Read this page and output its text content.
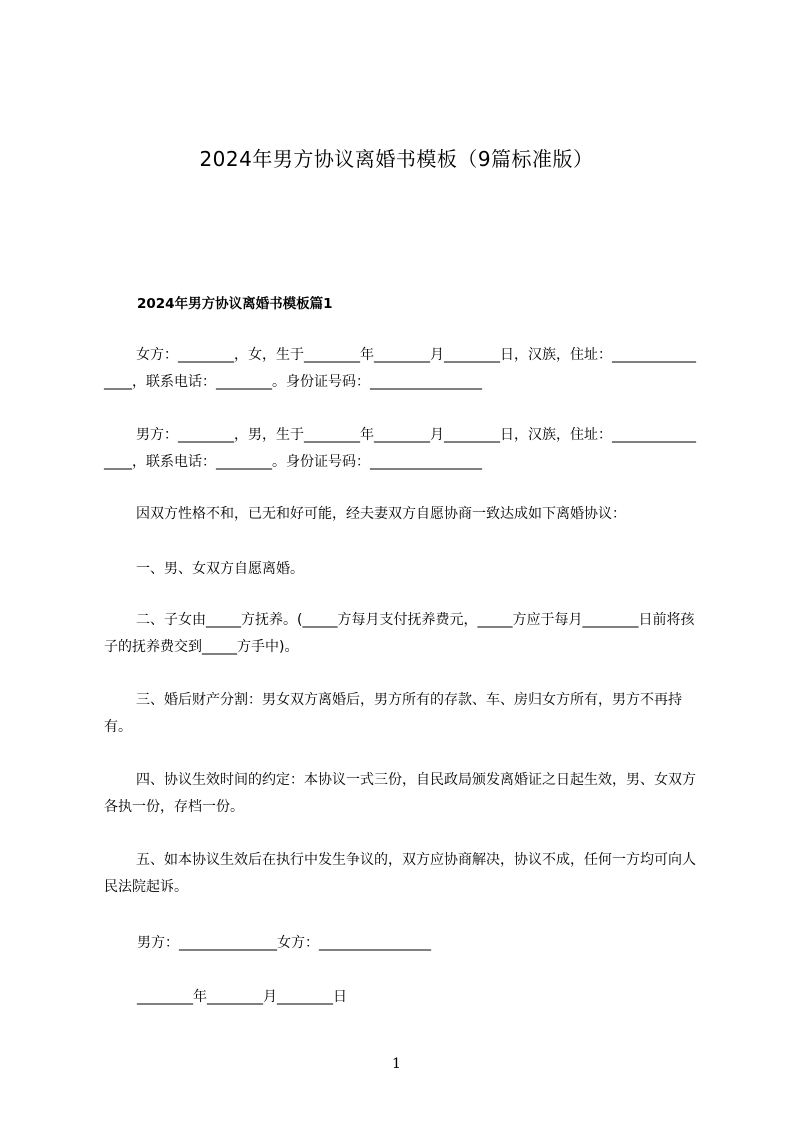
2024年男方协议离婚书模板（9篇标准版）
2024年男方协议离婚书模板篇1
女方：________，女，生于________年________月________日，汉族，住址：________________，联系电话：________。身份证号码：________________
男方：________，男，生于________年________月________日，汉族，住址：________________，联系电话：________。身份证号码：________________
因双方性格不和，已无和好可能，经夫妻双方自愿协商一致达成如下离婚协议：
一、男、女双方自愿离婚。
二、子女由_____方抚养。(_____方每月支付抚养费元，_____方应于每月________日前将孩子的抚养费交到_____方手中)。
三、婚后财产分割：男女双方离婚后，男方所有的存款、车、房归女方所有，男方不再持有。
四、协议生效时间的约定：本协议一式三份，自民政局颁发离婚证之日起生效，男、女双方各执一份，存档一份。
五、如本协议生效后在执行中发生争议的，双方应协商解决，协议不成，任何一方均可向人民法院起诉。
男方：______________女方：________________
________年________月________日
1
